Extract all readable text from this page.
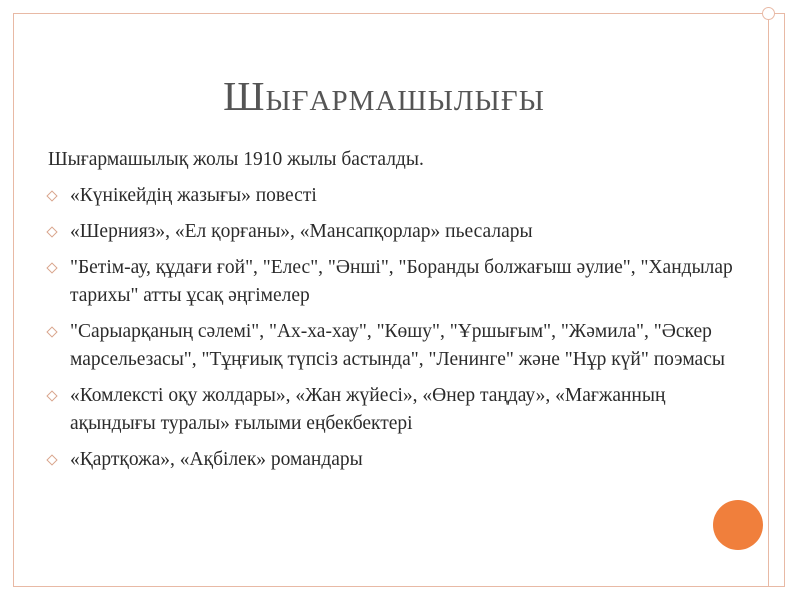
Шығармашылығы

Шығармашылық жолы 1910 жылы басталды.

«Күнікейдің жазығы» повесті
«Шернияз», «Ел қорғаны», «Мансапқорлар» пьесалары
"Бетім-ау, құдағи ғой", "Елес", "Әнші", "Боранды болжағыш әулие", "Хандылар тарихы" атты ұсақ әңгімелер
"Сарыарқаның сәлемі", "Ах-ха-хау", "Көшу", "Ұршығым", "Жәмила", "Әскер марсельезасы", "Тұңғиық түпсіз астында", "Ленинге" және "Нұр күй" поэмасы
«Комлексті оқу жолдары», «Жан жүйесі», «Өнер таңдау», «Мағжанның ақындығы туралы» ғылыми еңбекбектері
«Қартқожа», «Ақбілек» романдары
